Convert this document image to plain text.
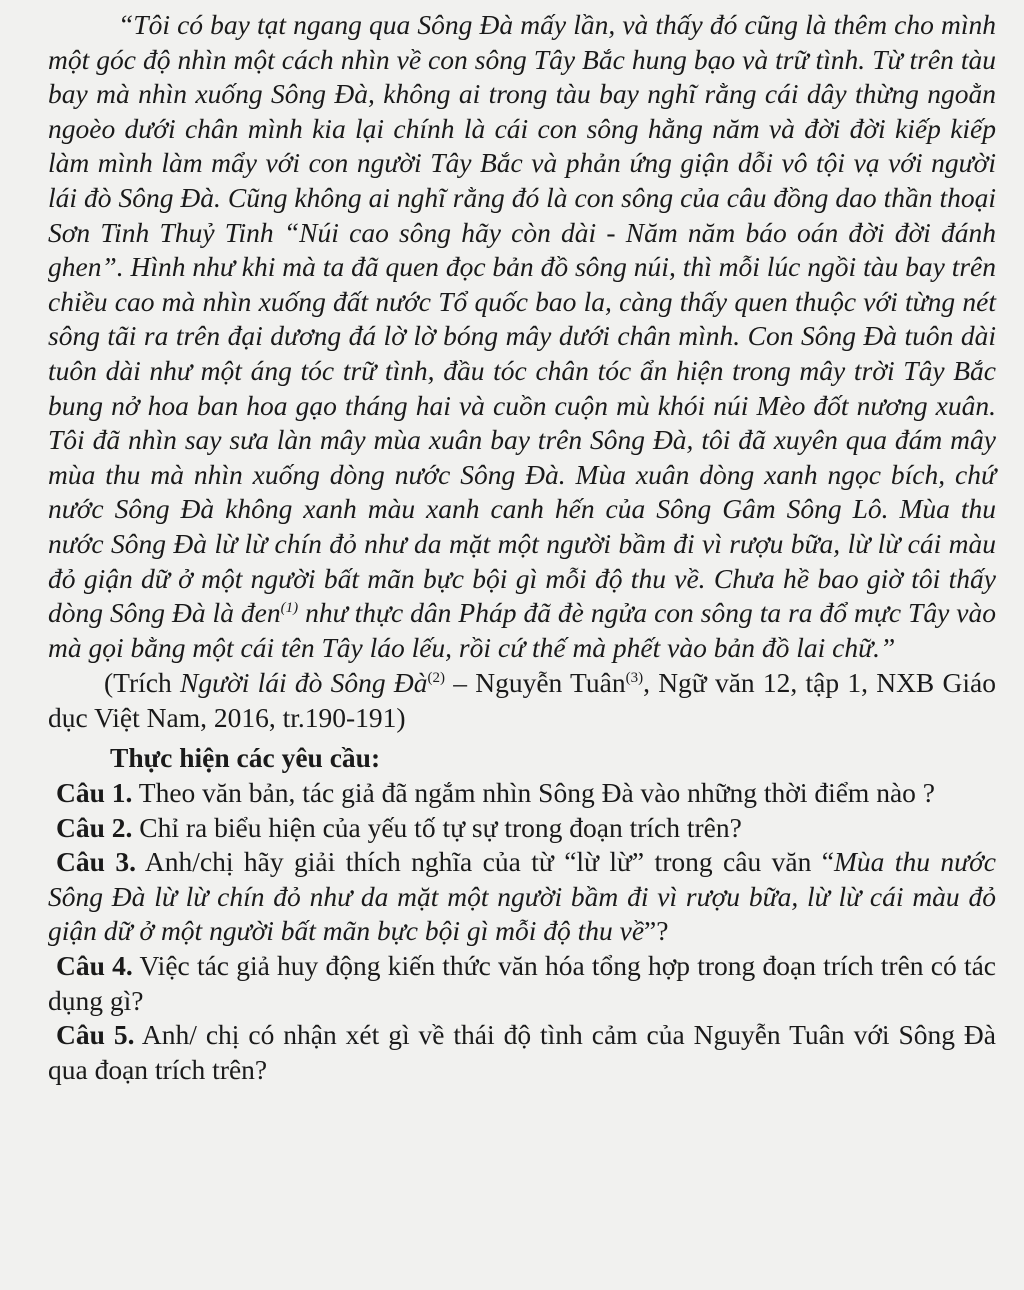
“Tôi có bay tạt ngang qua Sông Đà mấy lần, và thấy đó cũng là thêm cho mình một góc độ nhìn một cách nhìn về con sông Tây Bắc hung bạo và trữ tình. Từ trên tàu bay mà nhìn xuống Sông Đà, không ai trong tàu bay nghĩ rằng cái dây thừng ngoằn ngoèo dưới chân mình kia lại chính là cái con sông hằng năm và đời đời kiếp kiếp làm mình làm mẩy với con người Tây Bắc và phản ứng giận dỗi vô tội vạ với người lái đò Sông Đà. Cũng không ai nghĩ rằng đó là con sông của câu đồng dao thần thoại Sơn Tinh Thuỷ Tinh “Núi cao sông hãy còn dài - Năm năm báo oán đời đời đánh ghen”. Hình như khi mà ta đã quen đọc bản đồ sông núi, thì mỗi lúc ngồi tàu bay trên chiều cao mà nhìn xuống đất nước Tổ quốc bao la, càng thấy quen thuộc với từng nét sông tãi ra trên đại dương đá lờ lờ bóng mây dưới chân mình. Con Sông Đà tuôn dài tuôn dài như một áng tóc trữ tình, đầu tóc chân tóc ẩn hiện trong mây trời Tây Bắc bung nở hoa ban hoa gạo tháng hai và cuồn cuộn mù khói núi Mèo đốt nương xuân. Tôi đã nhìn say sưa làn mây mùa xuân bay trên Sông Đà, tôi đã xuyên qua đám mây mùa thu mà nhìn xuống dòng nước Sông Đà. Mùa xuân dòng xanh ngọc bích, chứ nước Sông Đà không xanh màu xanh canh hến của Sông Gâm Sông Lô. Mùa thu nước Sông Đà lừ lừ chín đỏ như da mặt một người bầm đi vì rượu bữa, lừ lừ cái màu đỏ giận dữ ở một người bất mãn bực bội gì mỗi độ thu về. Chưa hề bao giờ tôi thấy dòng Sông Đà là đen$^{(1)}$ như thực dân Pháp đã đè ngửa con sông ta ra đổ mực Tây vào mà gọi bằng một cái tên Tây láo lếu, rồi cứ thế mà phết vào bản đồ lai chữ.”

(Trích Người lái đò Sông $Đà^{(2)}$ – Nguyễn Tuân$^{(3)}$, Ngữ văn 12, tập 1, NXB Giáo dục Việt Nam, 2016, tr.190-191)

Thực hiện các yêu cầu:

Câu 1. Theo văn bản, tác giả đã ngắm nhìn Sông Đà vào những thời điểm nào ?

Câu 2. Chỉ ra biểu hiện của yếu tố tự sự trong đoạn trích trên?

Câu 3. Anh/chị hãy giải thích nghĩa của từ “lừ lừ” trong câu văn “Mùa thu nước Sông Đà lừ lừ chín đỏ như da mặt một người bầm đi vì rượu bữa, lừ lừ cái màu đỏ giận dữ ở một người bất mãn bực bội gì mỗi độ thu về”?

Câu 4. Việc tác giả huy động kiến thức văn hóa tổng hợp trong đoạn trích trên có tác dụng gì?

Câu 5. Anh/ chị có nhận xét gì về thái độ tình cảm của Nguyễn Tuân với Sông Đà qua đoạn trích trên?
